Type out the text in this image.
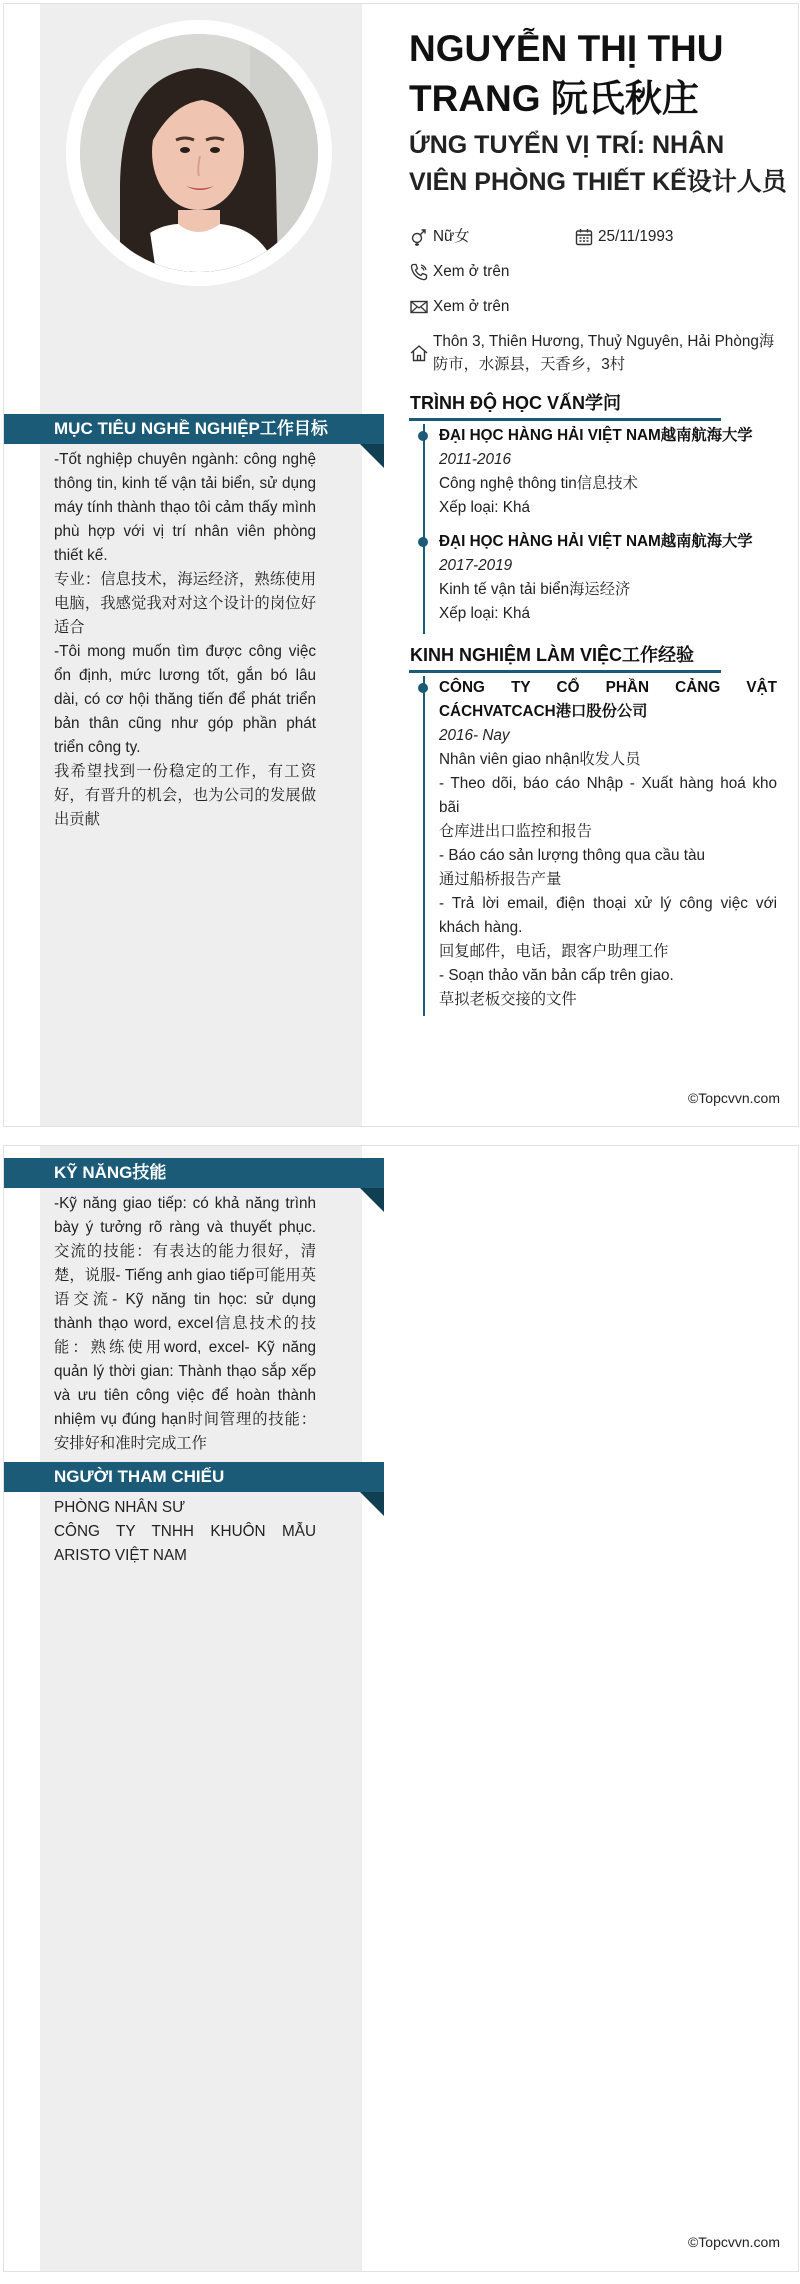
NGUYỄN THỊ THU TRANG 阮氏秋庄
ỨNG TUYỂN VỊ TRÍ: NHÂN VIÊN PHÒNG THIẾT KẾ设计人员
Nữ女	25/11/1993
Xem ở trên
Xem ở trên
Thôn 3, Thiên Hương, Thuỷ Nguyên, Hải Phòng海防市，水源县，天香乡，3村
MỤC TIÊU NGHỀ NGHIỆP工作目标

-Tốt nghiệp chuyên ngành: công nghệ thông tin, kinh tế vận tải biển, sử dụng máy tính thành thạo tôi cảm thấy mình phù hợp với vị trí nhân viên phòng thiết kế.

专业：信息技术，海运经济，熟练使用电脑，我感觉我对对这个设计的岗位好适合

-Tôi mong muốn tìm được công việc ổn định, mức lương tốt, gắn bó lâu dài, có cơ hội thăng tiến để phát triển bản thân cũng như góp phần phát triển công ty.

我希望找到一份稳定的工作，有工资好，有晋升的机会，也为公司的发展做出贡献

TRÌNH ĐỘ HỌC VẤN学问

ĐẠI HỌC HÀNG HẢI VIỆT NAM越南航海大学

2011-2016

Công nghệ thông tin信息技术

Xếp loại: Khá

ĐẠI HỌC HÀNG HẢI VIỆT NAM越南航海大学

2017-2019

Kinh tế vận tải biển海运经济

Xếp loại: Khá

KINH NGHIỆM LÀM VIỆC工作经验

CÔNG TY CỔ PHẦN CẢNG VẬT CÁCHVATCACH港口股份公司

2016- Nay

Nhân viên giao nhận收发人员

- Theo dõi, báo cáo Nhập - Xuất hàng hoá kho bãi

仓库进出口监控和报告

- Báo cáo sản lượng thông qua cầu tàu

通过船桥报告产量

- Trả lời email, điện thoại xử lý công việc với khách hàng.

回复邮件，电话，跟客户助理工作

- Soạn thảo văn bản cấp trên giao.

草拟老板交接的文件

©Topcvvn.com
KỸ NĂNG技能

-Kỹ năng giao tiếp: có khả năng trình bày ý tưởng rõ ràng và thuyết phục. 交流的技能：有表达的能力很好，清楚，说服- Tiếng anh giao tiếp可能用英语交流- Kỹ năng tin học: sử dụng thành thạo word, excel信息技术的技能：熟练使用word, excel- Kỹ năng quản lý thời gian: Thành thạo sắp xếp và ưu tiên công việc để hoàn thành nhiệm vụ đúng hạn时间管理的技能：安排好和准时完成工作

NGƯỜI THAM CHIẾU

PHÒNG NHÂN SƯ

CÔNG TY TNHH KHUÔN MẪU ARISTO VIỆT NAM

©Topcvvn.com
